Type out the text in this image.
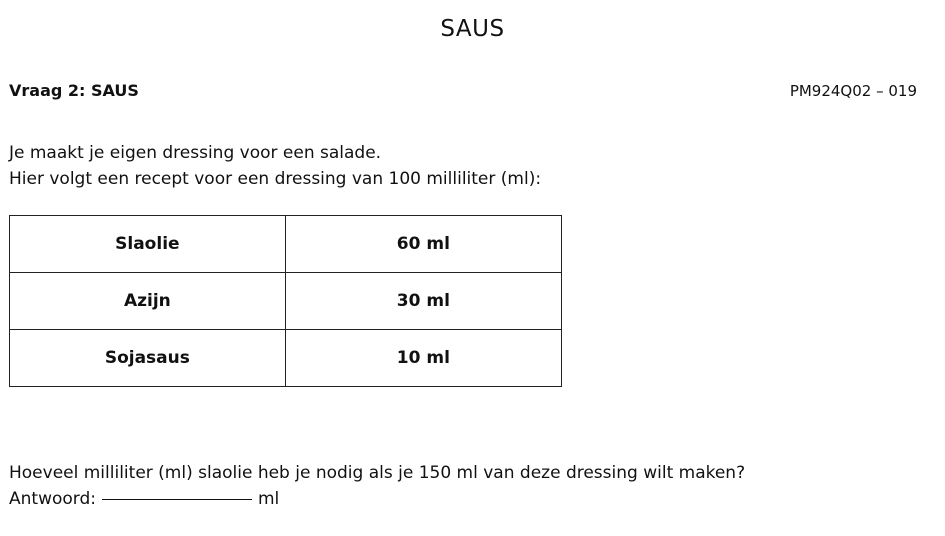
SAUS
Vraag 2: SAUS	PM924Q02 – 019
Je maakt je eigen dressing voor een salade.
Hier volgt een recept voor een dressing van 100 milliliter (ml):
Slaolie	60 ml
Azijn	30 ml
Sojasaus	10 ml
Hoeveel milliliter (ml) slaolie heb je nodig als je 150 ml van deze dressing wilt maken?
Antwoord:	ml
